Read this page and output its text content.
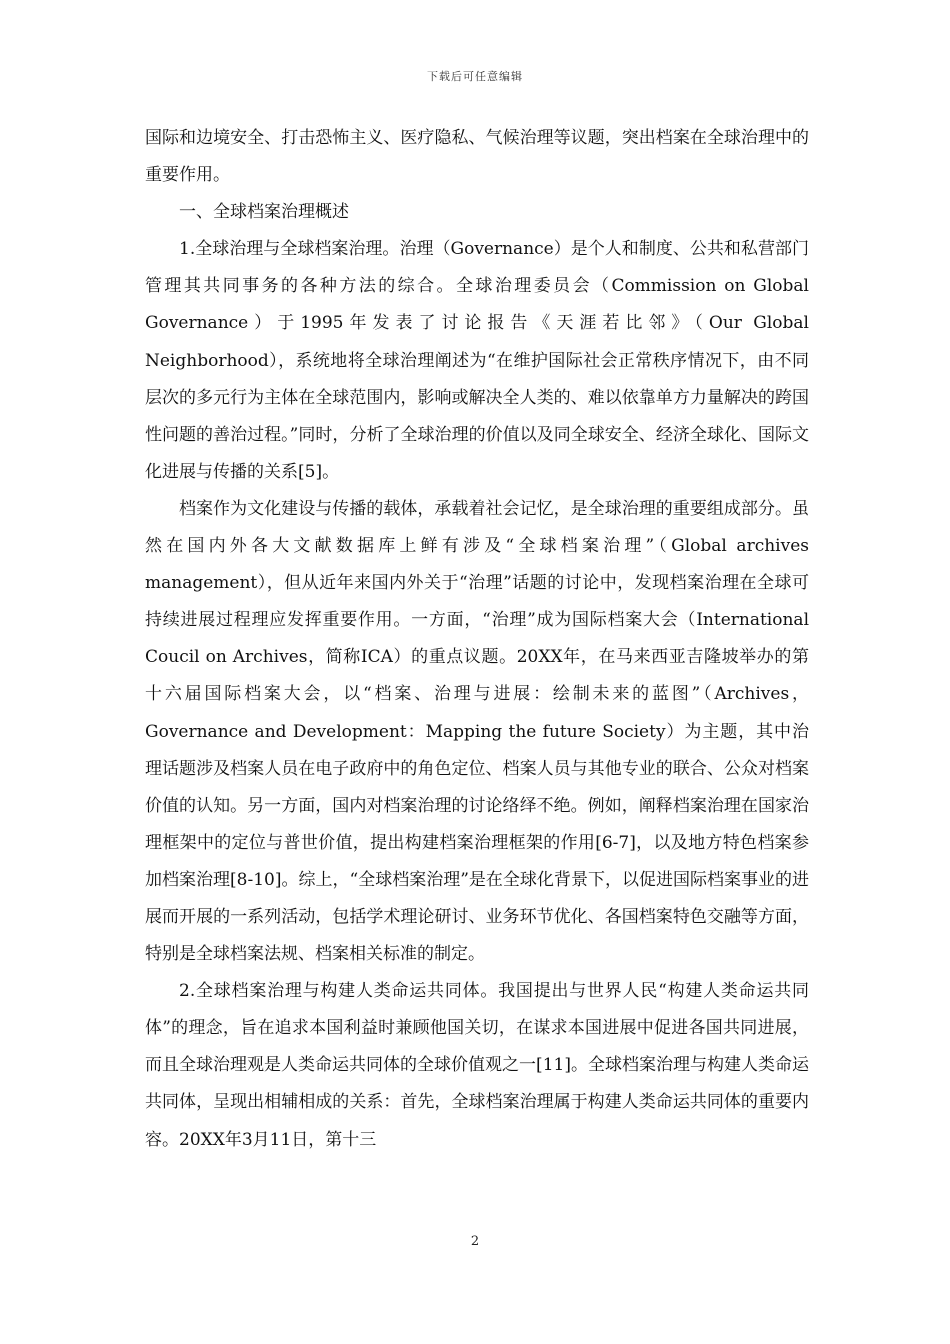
下载后可任意编辑

国际和边境安全、打击恐怖主义、医疗隐私、气候治理等议题，突出档案在全球治理中的重要作用。

一、全球档案治理概述

1.全球治理与全球档案治理。治理（Governance）是个人和制度、公共和私营部门管理其共同事务的各种方法的综合。全球治理委员会（Commission on Global Governance）于1995年发表了讨论报告《天涯若比邻》（Our Global Neighborhood），系统地将全球治理阐述为“在维护国际社会正常秩序情况下，由不同层次的多元行为主体在全球范围内，影响或解决全人类的、难以依靠单方力量解决的跨国性问题的善治过程。”同时，分析了全球治理的价值以及同全球安全、经济全球化、国际文化进展与传播的关系[5]。

档案作为文化建设与传播的载体，承载着社会记忆，是全球治理的重要组成部分。虽然在国内外各大文献数据库上鲜有涉及“全球档案治理”（Global archives management），但从近年来国内外关于“治理”话题的讨论中，发现档案治理在全球可持续进展过程理应发挥重要作用。一方面，“治理”成为国际档案大会（International Coucil on Archives，简称ICA）的重点议题。20XX年，在马来西亚吉隆坡举办的第十六届国际档案大会，以“档案、治理与进展：绘制未来的蓝图”（Archives，Governance and Development：Mapping the future Society）为主题，其中治理话题涉及档案人员在电子政府中的角色定位、档案人员与其他专业的联合、公众对档案价值的认知。另一方面，国内对档案治理的讨论络绎不绝。例如，阐释档案治理在国家治理框架中的定位与普世价值，提出构建档案治理框架的作用[6-7]，以及地方特色档案参加档案治理[8-10]。综上，“全球档案治理”是在全球化背景下，以促进国际档案事业的进展而开展的一系列活动，包括学术理论研讨、业务环节优化、各国档案特色交融等方面，特别是全球档案法规、档案相关标准的制定。

2.全球档案治理与构建人类命运共同体。我国提出与世界人民“构建人类命运共同体”的理念，旨在追求本国利益时兼顾他国关切，在谋求本国进展中促进各国共同进展，而且全球治理观是人类命运共同体的全球价值观之一[11]。全球档案治理与构建人类命运共同体，呈现出相辅相成的关系：首先，全球档案治理属于构建人类命运共同体的重要内容。20XX年3月11日，第十三

2
